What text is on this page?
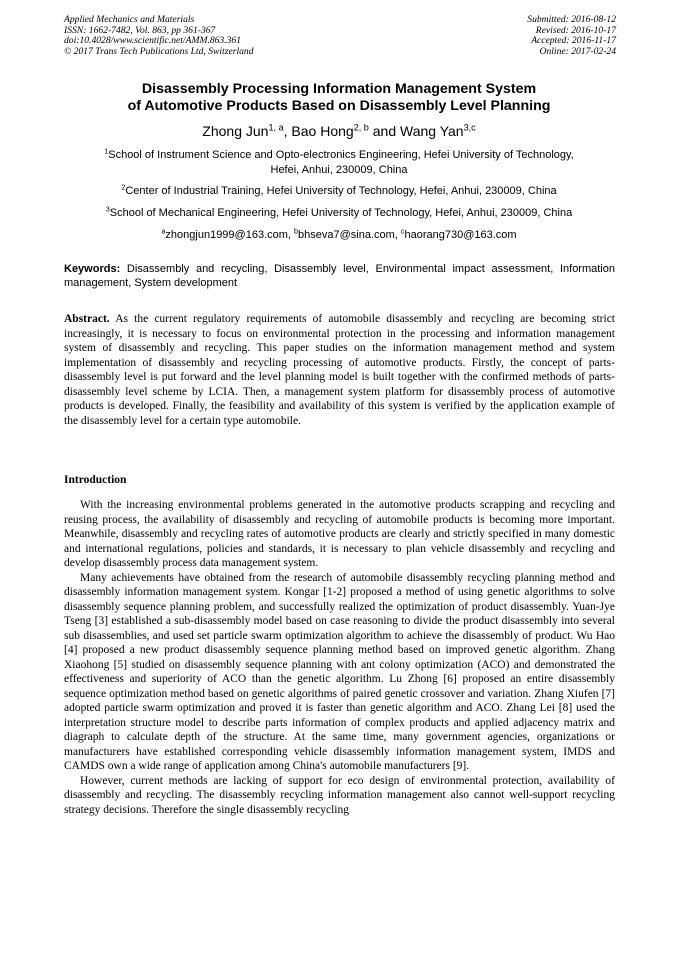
Applied Mechanics and Materials
ISSN: 1662-7482, Vol. 863, pp 361-367
doi:10.4028/www.scientific.net/AMM.863.361
© 2017 Trans Tech Publications Ltd, Switzerland
Submitted: 2016-08-12
Revised: 2016-10-17
Accepted: 2016-11-17
Online: 2017-02-24
Disassembly Processing Information Management System
of Automotive Products Based on Disassembly Level Planning
Zhong Jun$^{1, a}$, Bao Hong$^{2, b}$ and Wang Yan$^{3,c}$
$^1$School of Instrument Science and Opto-electronics Engineering, Hefei University of Technology,
Hefei, Anhui, 230009, China
$^2$Center of Industrial Training, Hefei University of Technology, Hefei, Anhui, 230009, China
$^3$School of Mechanical Engineering, Hefei University of Technology, Hefei, Anhui, 230009, China
$^a$zhongjun1999@163.com, $^b$bhseva7@sina.com, $^c$haorang730@163.com

Keywords: Disassembly and recycling, Disassembly level, Environmental impact assessment, Information management, System development

Abstract. As the current regulatory requirements of automobile disassembly and recycling are becoming strict increasingly, it is necessary to focus on environmental protection in the processing and information management system of disassembly and recycling. This paper studies on the information management method and system implementation of disassembly and recycling processing of automotive products. Firstly, the concept of parts-disassembly level is put forward and the level planning model is built together with the confirmed methods of parts-disassembly level scheme by LCIA. Then, a management system platform for disassembly process of automotive products is developed. Finally, the feasibility and availability of this system is verified by the application example of the disassembly level for a certain type automobile.

Introduction

With the increasing environmental problems generated in the automotive products scrapping and recycling and reusing process, the availability of disassembly and recycling of automobile products is becoming more important. Meanwhile, disassembly and recycling rates of automotive products are clearly and strictly specified in many domestic and international regulations, policies and standards, it is necessary to plan vehicle disassembly and recycling and develop disassembly process data management system.

Many achievements have obtained from the research of automobile disassembly recycling planning method and disassembly information management system. Kongar [1-2] proposed a method of using genetic algorithms to solve disassembly sequence planning problem, and successfully realized the optimization of product disassembly. Yuan-Jye Tseng [3] established a sub-disassembly model based on case reasoning to divide the product disassembly into several sub disassemblies, and used set particle swarm optimization algorithm to achieve the disassembly of product. Wu Hao [4] proposed a new product disassembly sequence planning method based on improved genetic algorithm. Zhang Xiaohong [5] studied on disassembly sequence planning with ant colony optimization (ACO) and demonstrated the effectiveness and superiority of ACO than the genetic algorithm. Lu Zhong [6] proposed an entire disassembly sequence optimization method based on genetic algorithms of paired genetic crossover and variation. Zhang Xiufen [7] adopted particle swarm optimization and proved it is faster than genetic algorithm and ACO. Zhang Lei [8] used the interpretation structure model to describe parts information of complex products and applied adjacency matrix and diagraph to calculate depth of the structure. At the same time, many government agencies, organizations or manufacturers have established corresponding vehicle disassembly information management system, IMDS and CAMDS own a wide range of application among China's automobile manufacturers [9].

However, current methods are lacking of support for eco design of environmental protection, availability of disassembly and recycling. The disassembly recycling information management also cannot well-support recycling strategy decisions. Therefore the single disassembly recycling
